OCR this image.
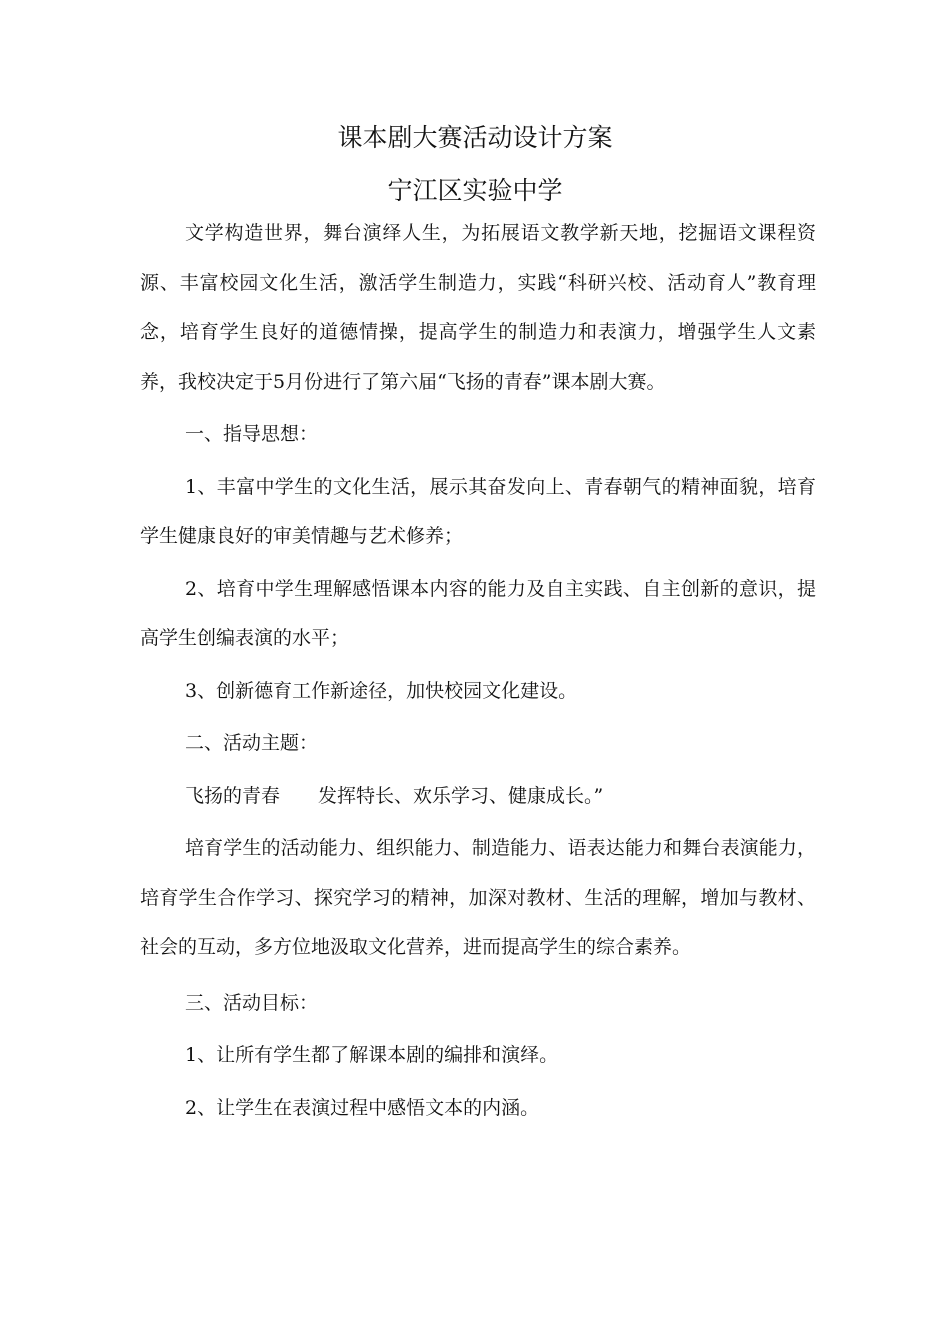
课本剧大赛活动设计方案
宁江区实验中学

文学构造世界，舞台演绎人生，为拓展语文教学新天地，挖掘语文课程资源、丰富校园文化生活，激活学生制造力，实践“科研兴校、活动育人”教育理念，培育学生良好的道德情操，提高学生的制造力和表演力，增强学生人文素养，我校决定于5月份进行了第六届“飞扬的青春”课本剧大赛。

一、指导思想：

1、丰富中学生的文化生活，展示其奋发向上、青春朝气的精神面貌，培育学生健康良好的审美情趣与艺术修养；

2、培育中学生理解感悟课本内容的能力及自主实践、自主创新的意识，提高学生创编表演的水平；

3、创新德育工作新途径，加快校园文化建设。

二、活动主题：

飞扬的青春　　发挥特长、欢乐学习、健康成长。”

培育学生的活动能力、组织能力、制造能力、语表达能力和舞台表演能力，培育学生合作学习、探究学习的精神，加深对教材、生活的理解，增加与教材、社会的互动，多方位地汲取文化营养，进而提高学生的综合素养。

三、活动目标：

1、让所有学生都了解课本剧的编排和演绎。

2、让学生在表演过程中感悟文本的内涵。
